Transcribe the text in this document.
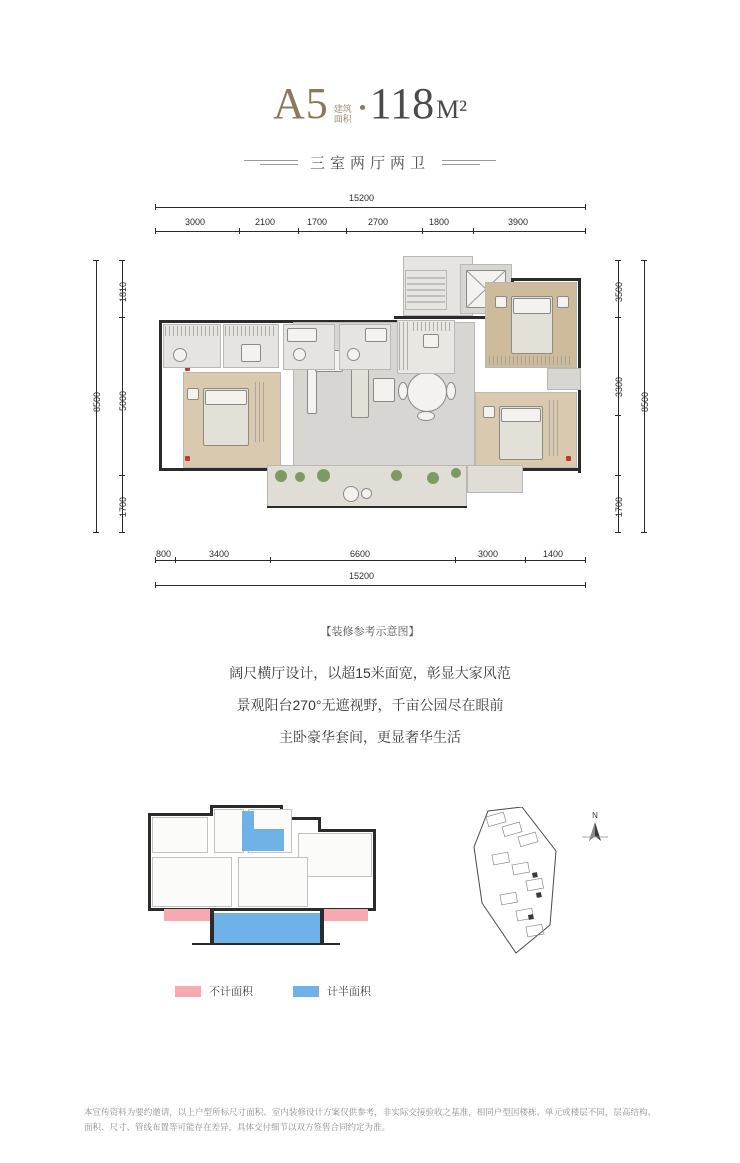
A5 建筑
面积 118 M²
三室两厅两卫
15200
3000	2100	1700	2700	1800	3900
8500
1810
5000
1700
3500
3300
1700
8500
800	3400	6600	3000	1400
15200
【装修参考示意图】
阔尺横厅设计，以超15米面宽，彰显大家风范
景观阳台270°无遮视野，千亩公园尽在眼前
主卧豪华套间，更显奢华生活
N
不计面积	计半面积
本宣传资料为要约邀请，以上户型所标尺寸面积、室内装修设计方案仅供参考，非实际交接验收之基准，相同户型因楼栋、单元或楼层不同，层高结构、面积、尺寸、管线布置等可能存在差异，具体交付细节以双方签售合同约定为准。
